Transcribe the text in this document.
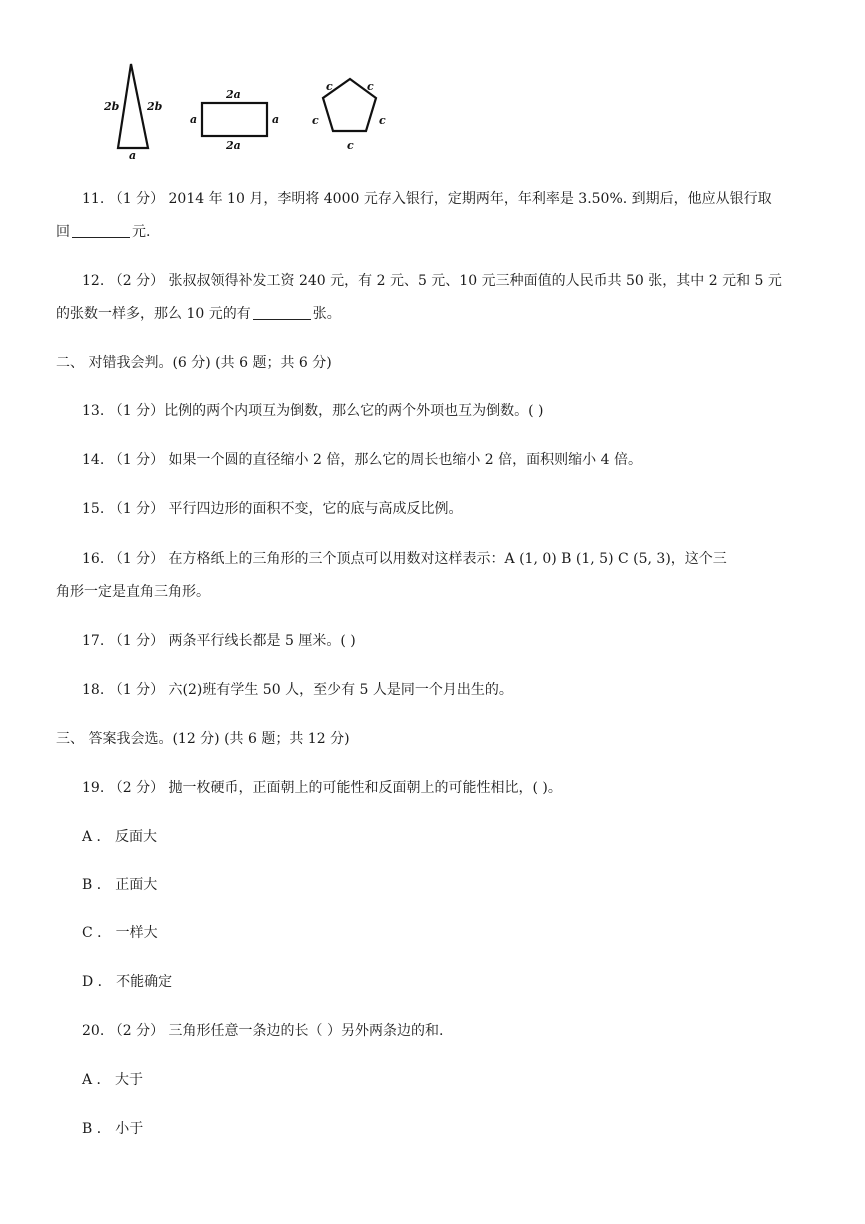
2b	2b
a
2a
2a
a	a
c	c
c	c
c
11. （1 分） 2014 年 10 月，李明将 4000 元存入银行，定期两年，年利率是 3.50%. 到期后，他应从银行取
回	元.
12. （2 分） 张叔叔领得补发工资 240 元，有 2 元、5 元、10 元三种面值的人民币共 50 张，其中 2 元和 5 元
的张数一样多，那么 10 元的有	张。
二、 对错我会判。(6 分) (共 6 题；共 6 分)
13. （1 分）比例的两个内项互为倒数，那么它的两个外项也互为倒数。( )
14. （1 分） 如果一个圆的直径缩小 2 倍，那么它的周长也缩小 2 倍，面积则缩小 4 倍。
15. （1 分） 平行四边形的面积不变，它的底与高成反比例。
16. （1 分） 在方格纸上的三角形的三个顶点可以用数对这样表示：A (1, 0) B (1, 5) C (5, 3)，这个三
角形一定是直角三角形。
17. （1 分） 两条平行线长都是 5 厘米。( )
18. （1 分） 六(2)班有学生 50 人，至少有 5 人是同一个月出生的。
三、 答案我会选。(12 分) (共 6 题；共 12 分)
19. （2 分） 抛一枚硬币，正面朝上的可能性和反面朝上的可能性相比，( )。
A ． 反面大
B ． 正面大
C ． 一样大
D ． 不能确定
20. （2 分） 三角形任意一条边的长（ ）另外两条边的和.
A ． 大于
B ． 小于
